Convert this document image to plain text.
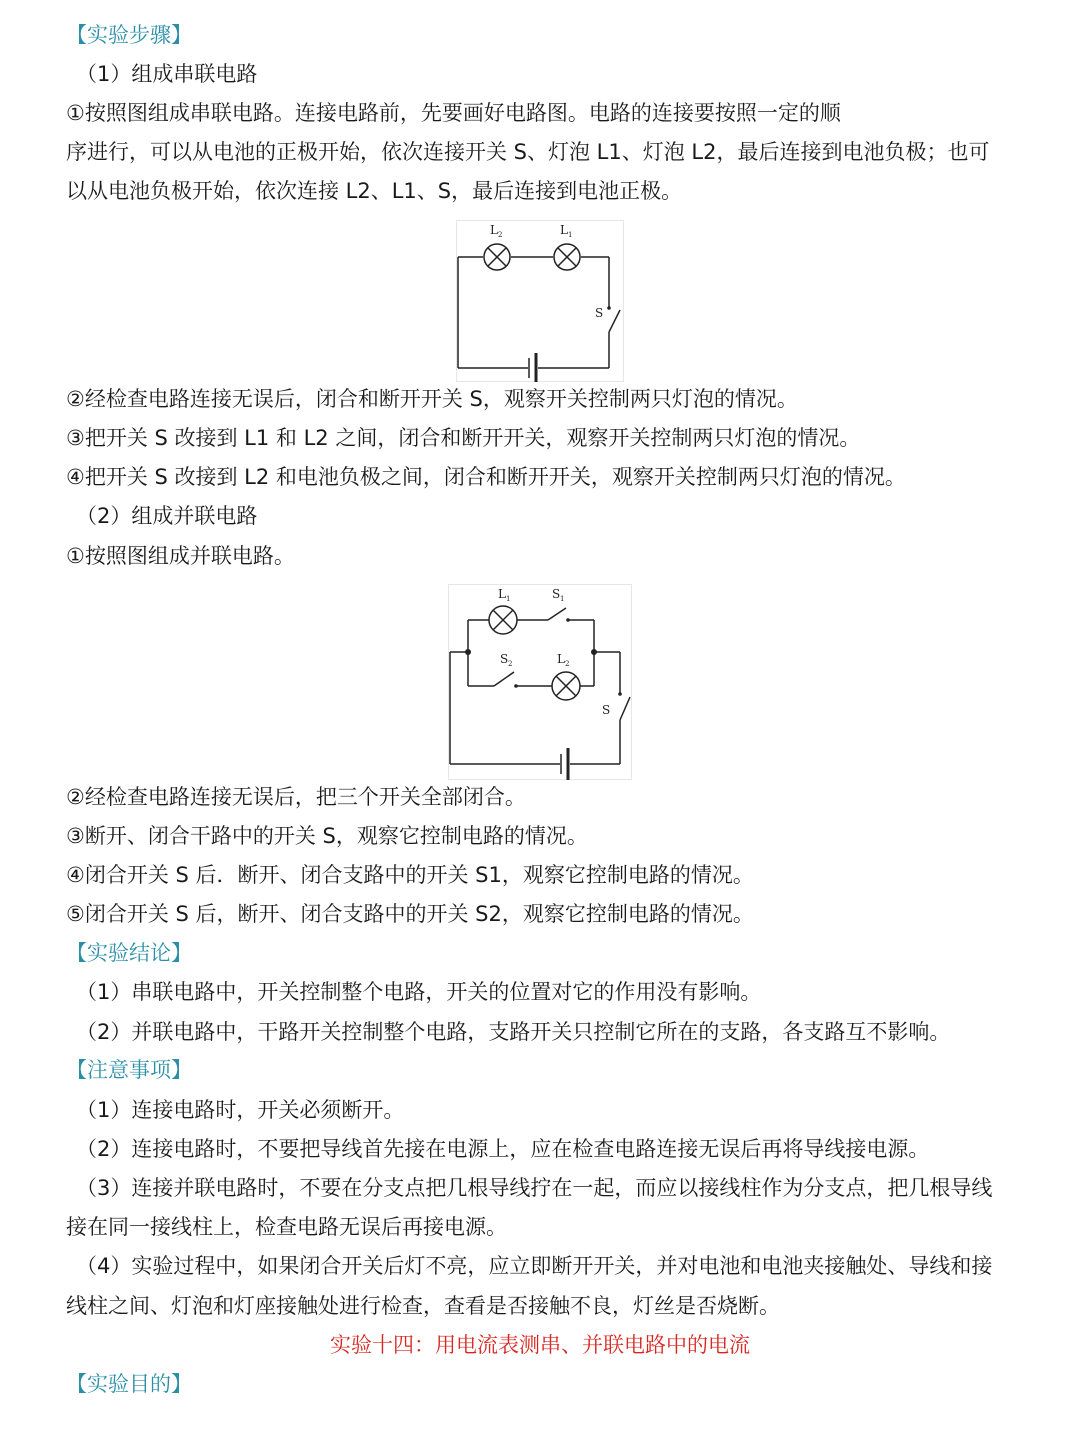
【实验步骤】
（1）组成串联电路
①按照图组成串联电路。连接电路前，先要画好电路图。电路的连接要按照一定的顺
序进行，可以从电池的正极开始，依次连接开关 S、灯泡 L1、灯泡 L2，最后连接到电池负极；也可
以从电池负极开始，依次连接 L2、L1、S，最后连接到电池正极。
L 2	L 1
S
②经检查电路连接无误后，闭合和断开开关 S，观察开关控制两只灯泡的情况。
③把开关 S 改接到 L1 和 L2 之间，闭合和断开开关，观察开关控制两只灯泡的情况。
④把开关 S 改接到 L2 和电池负极之间，闭合和断开开关，观察开关控制两只灯泡的情况。
（2）组成并联电路
①按照图组成并联电路。
L 1	S 1
S 2	L 2
S
②经检查电路连接无误后，把三个开关全部闭合。
③断开、闭合干路中的开关 S，观察它控制电路的情况。
④闭合开关 S 后．断开、闭合支路中的开关 S1，观察它控制电路的情况。
⑤闭合开关 S 后，断开、闭合支路中的开关 S2，观察它控制电路的情况。
【实验结论】
（1）串联电路中，开关控制整个电路，开关的位置对它的作用没有影响。
（2）并联电路中，干路开关控制整个电路，支路开关只控制它所在的支路，各支路互不影响。
【注意事项】
（1）连接电路时，开关必须断开。
（2）连接电路时，不要把导线首先接在电源上，应在检查电路连接无误后再将导线接电源。
（3）连接并联电路时，不要在分支点把几根导线拧在一起，而应以接线柱作为分支点，把几根导线
接在同一接线柱上，检查电路无误后再接电源。
（4）实验过程中，如果闭合开关后灯不亮，应立即断开开关，并对电池和电池夹接触处、导线和接
线柱之间、灯泡和灯座接触处进行检查，查看是否接触不良，灯丝是否烧断。
实验十四：用电流表测串、并联电路中的电流
【实验目的】
